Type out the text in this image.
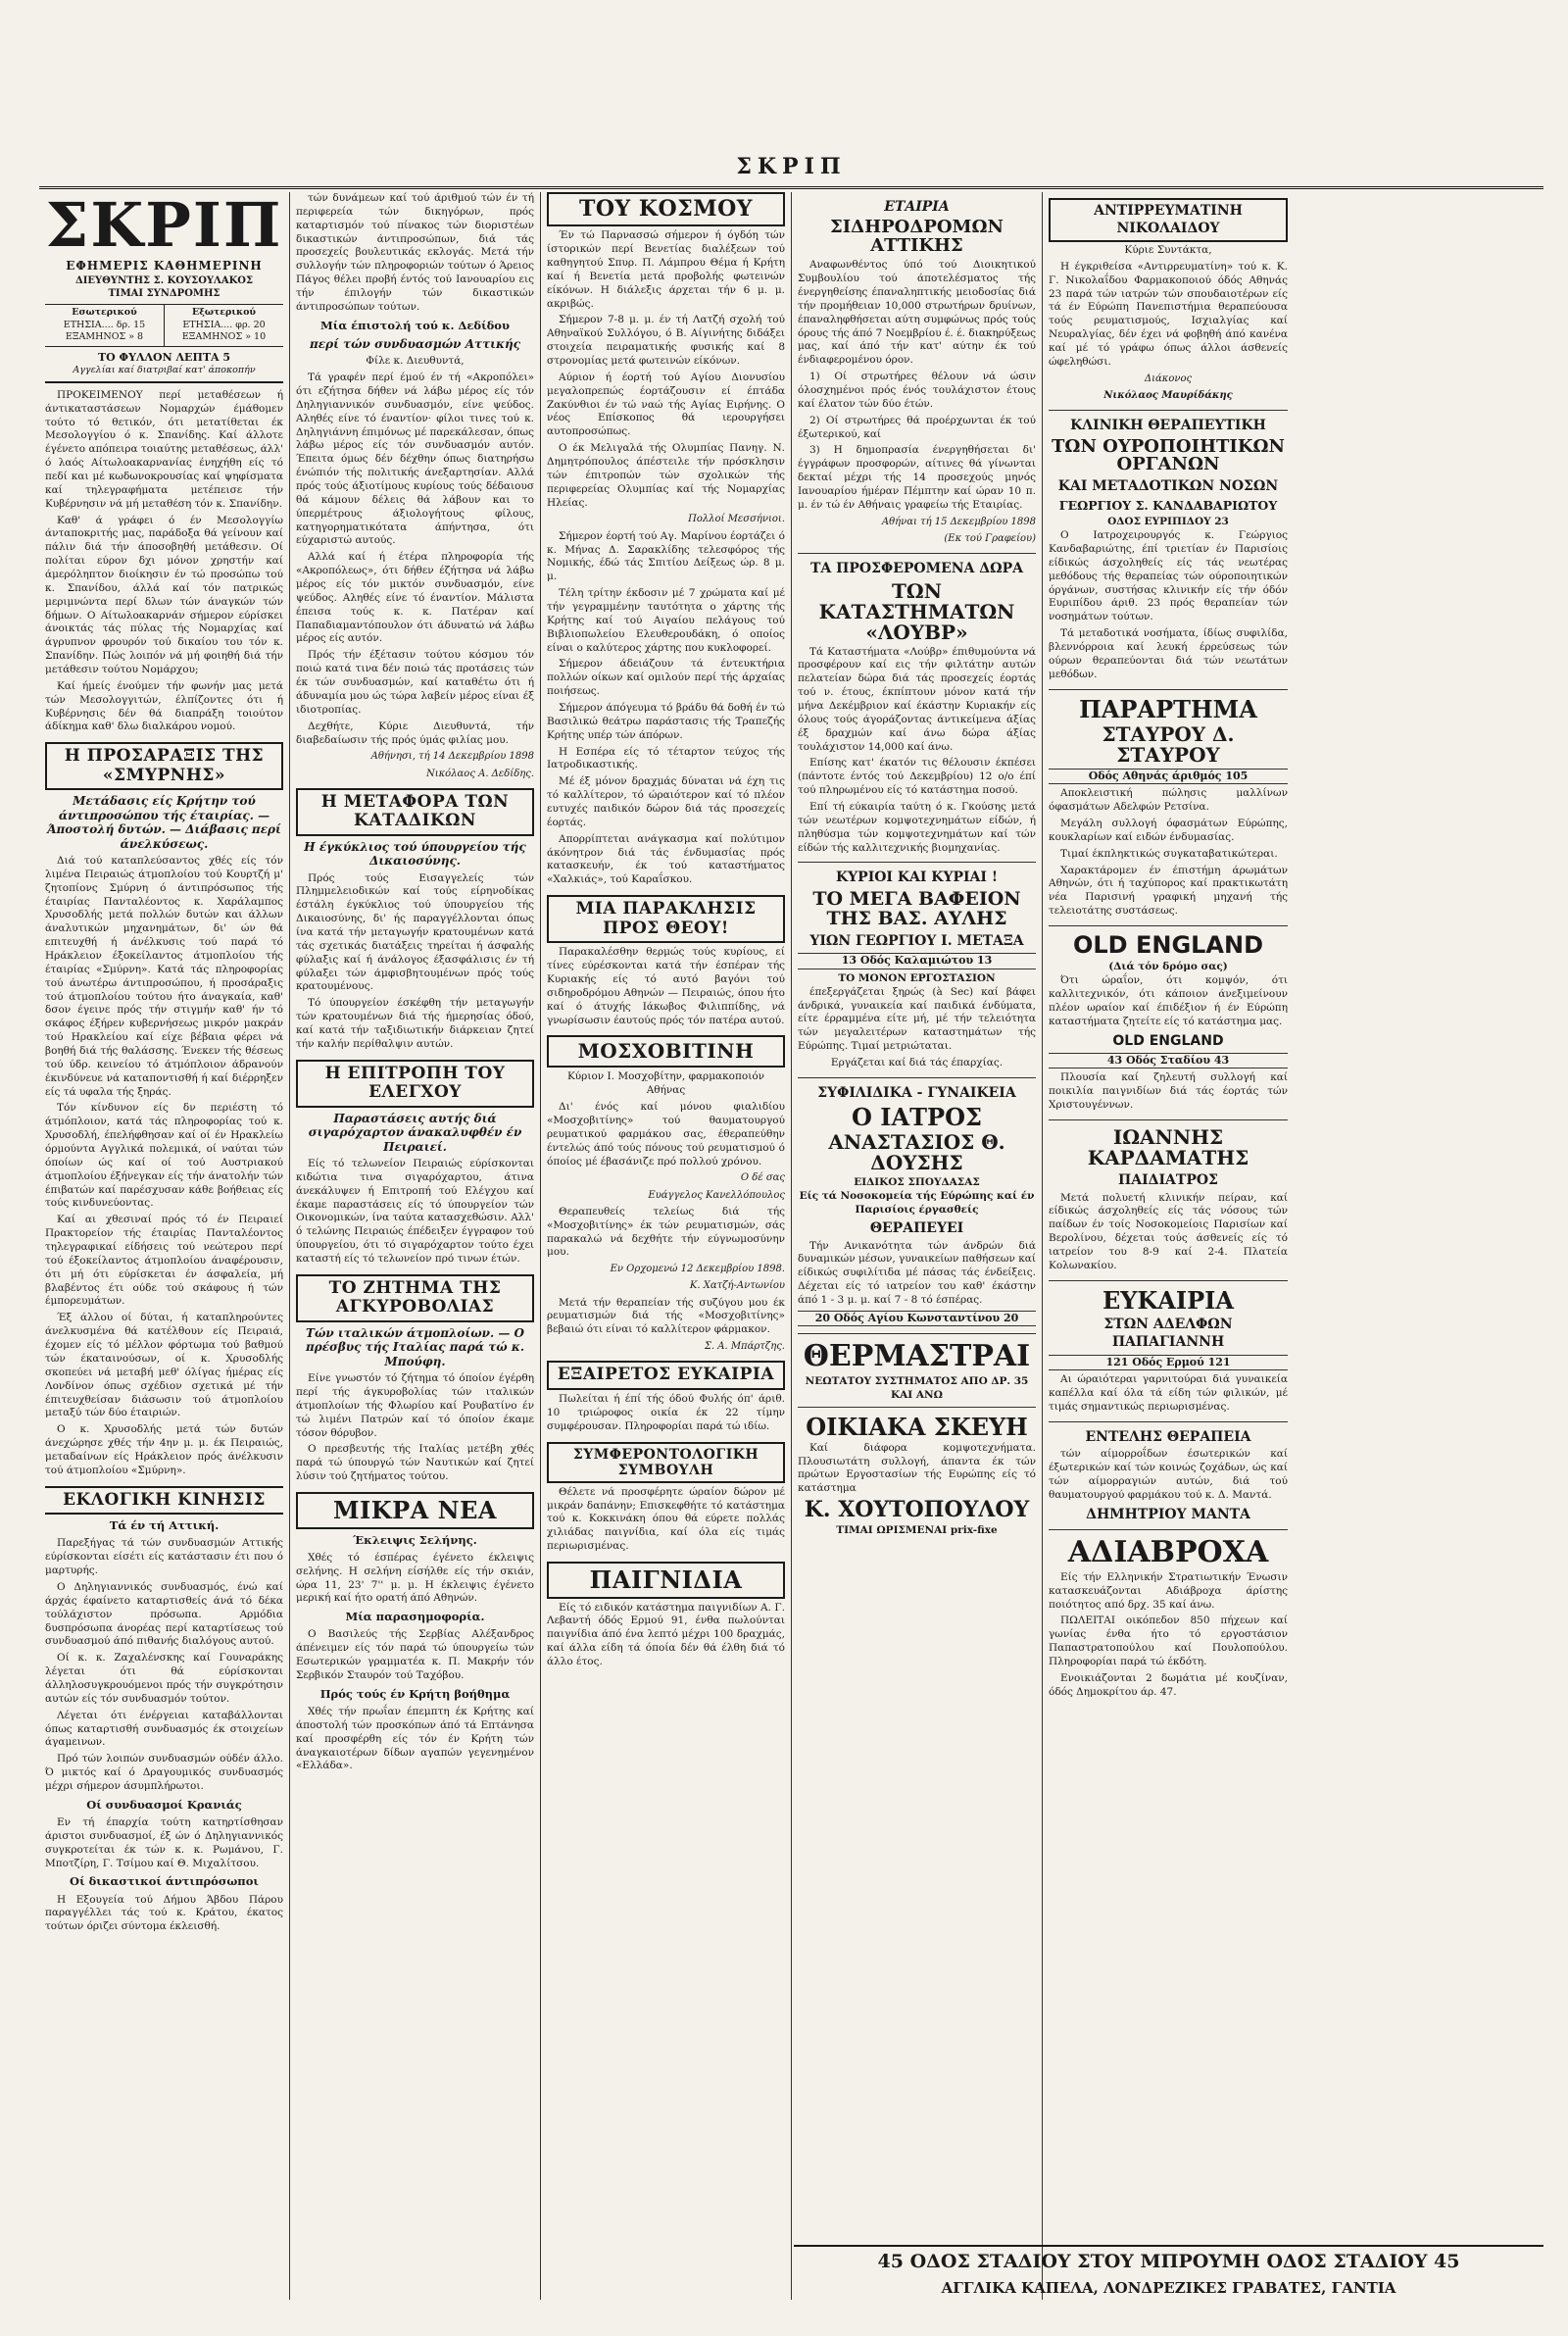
ΣΚΡΙΠ
ΣΚΡΙΠ
ΕΦΗΜΕΡΙΣ ΚΑΘΗΜΕΡΙΝΗ
ΔΙΕΥΘΥΝΤΗΣ Σ. ΚΟΥΣΟΥΛΑΚΟΣ
ΤΙΜΑΙ ΣΥΝΔΡΟΜΗΣ
Εσωτερικού
ΕΤΗΣΙΑ.... δρ. 15
ΕΞΑΜΗΝΟΣ » 8
Εξωτερικού
ΕΤΗΣΙΑ.... φρ. 20
ΕΞΑΜΗΝΟΣ » 10
ΤΟ ΦΥΛΛΟΝ ΛΕΠΤΑ 5
Αγγελίαι καί διατριβαί κατ' άποκοπήν

ΠΡΟΚΕΙΜΕΝΟΥ περί μεταθέσεων ή άντικαταστάσεων Νομαρχών έμάθομεν τούτο τό θετικόν, ότι μετατίθεται έκ Μεσολογγίου ό κ. Σπανίδης. Καί άλλοτε έγένετο απόπειρα τοιαύτης μεταθέσεως, άλλ' ό λαός Αίτωλοακαρνανίας ένηχήθη είς τό πεδί και μέ κωδωνοκρουσίας καί ψηφίσματα καί τηλεγραφήματα μετέπεισε τήν Κυβέρνησιν νά μή μεταθέση τόν κ. Σπανίδην.

Καθ' ά γράφει ό έν Μεσολογγίω άνταποκριτής μας, παράδοξα θά γείνουν καί πάλιν διά τήν άποσοβηθή μετάθεσιν. Οί πολίται εύρον δχι μόνον χρηστήν καί άμερόληπτον διοίκησιν έν τώ προσώπω τού κ. Σπανίδου, άλλά καί τόν πατρικώς μεριμνώντα περί δλων τών άναγκών τών δήμων. Ο Αίτωλοακαρνάν σήμερον εύρίσκει άνοικτάς τάς πύλας τής Νομαρχίας καί άγρυπνον φρουρόν τού δικαίου του τόν κ. Σπανίδην. Πώς λοιπόν νά μή φοιηθή διά τήν μετάθεσιν τούτου Νομάρχου;

Καί ήμείς ένούμεν τήν φωνήν μας μετά τών Μεσολογγιτών, έλπίζοντες ότι ή Κυβέρνησις δέν θά διαπράξη τοιούτον άδίκημα καθ' δλω διαλκάρου νομού.

Η ΠΡΟΣΑΡΑΞΙΣ ΤΗΣ «ΣΜΥΡΝΗΣ»
Μετάδασις είς Κρήτην τού άντιπροσώπου τής έταιρίας. — Άποστολή δυτών. — Διάβασις περί άνελκύσεως.

Διά τού καταπλεύσαντος χθές είς τόν λιμένα Πειραιώς άτμοπλοίου τού Κουρτζή μ' ζητοπίονς Σμύρνη ό άντιπρόσωπος τής έταιρίας Πανταλέοντος κ. Χαράλαμπος Χρυσοδλής μετά πολλών δυτών και άλλων άναλυτικών μηχανημάτων, δι' ών θά επιτευχθή ή άνέλκυσις τού παρά τό Ηράκλειον έξοκείλαντος άτμοπλοίου τής έταιρίας «Σμύρνη». Κατά τάς πληροφορίας τού άνωτέρω άντιπροσώπου, ή προσάραξις τού άτμοπλοίου τούτου ήτο άναγκαία, καθ' δσον έγεινε πρός τήν στιγμήν καθ' ήν τό σκάφος έξήρεν κυβερνήσεως μικρόν μακράν τού Ηρακλείου καί είχε βέβαια φέρει νά βοηθή διά τής θαλάσσης. Ένεκεν τής θέσεως τού ύδρ. κεινείου τό άτμόπλοιον άδρανούν έκινδύνευε νά καταποντισθή ή καί διέρρηξεν είς τά υφαλα τής ξηράς.

Τόν κίνδυνον είς δν περιέστη τό άτμόπλοιον, κατά τάς πληροφορίας τού κ. Χρυσοδλή, έπελήφθησαν καί οί έν Ηρακλείω όρμούντα Αγγλικά πολεμικά, οί ναύται τών όποίων ώς καί οί τού Αυστριακού άτμοπλοίου έξήνεγκαν είς τήν άνατολήν τών έπιβατών καί παρέσχυσαν κάθε βοήθειας είς τούς κινδυνεύοντας.

Καί αι χθεσιναί πρός τό έν Πειραιεί Πρακτορείον τής έταιρίας Πανταλέοντος τηλεγραφικαί είδήσεις τού νεώτερου περί τού έξοκείλαντος άτμοπλοίου άναφέρουσιν, ότι μή ότι εύρίσκεται έν άσφαλεία, μή βλαβέντος έτι ούδε τού σκάφους ή τών έμπορευμάτων.

Έξ άλλου οί δύται, ή καταπληρούντες άνελκυσμένα θά κατέλθουν είς Πειραιά, έχομεν είς τό μέλλον φόρτωμα τού βαθμού τών έκαταινούσων, οί κ. Χρυσοδλής σκοπεύει νά μεταβή μεθ' όλίγας ήμέρας είς Λονδίνον όπως σχέδιον σχετικά μέ τήν έπιτευχθείσαν διάσωσιν τού άτμοπλοίου μεταξύ τών δύο έταιριών.

Ο κ. Χρυσοδλής μετά τών δυτών άνεχώρησε χθές τήν 4ην μ. μ. έκ Πειραιώς, μεταδαίνων είς Ηράκλειον πρός άνέλκυσιν τού άτμοπλοίου «Σμύρνη».

ΕΚΛΟΓΙΚΗ ΚΙΝΗΣΙΣ
Τά έν τή Αττική.

Παρεξήγας τά τών συνδυασμών Αττικής εύρίσκονται είσέτι είς κατάστασιν έτι που ό μαρτυρής.

Ο Δηληγιαννικός συνδυασμός, ένώ καί άρχάς έφαίνετο καταρτισθείς άνά τό δέκα τούλάχιστον πρόσωπα. Αρμόδια δυσπρόσωπα άνορέας περί καταρτίσεως τού συνδυασμού άπό πιθανής διαλόγους αυτού.

Οί κ. κ. Ζαχαλένσκης καί Γουναράκης λέγεται ότι θά εύρίσκονται άλληλοσυγκρουόμενοι πρός τήν συγκρότησιν αυτών είς τόν συνδυασμόν τούτον.

Λέγεται ότι ένέργειαι καταβάλλονται όπως καταρτισθή συνδυασμός έκ στοιχείων άγαμεινων.

Πρό τών λοιπών συνδυασμών ούδέν άλλο. Ό μικτός καί ό Δραγουμικός συνδυασμός μέχρι σήμερον άσυμπλήρωτοι.

Οί συνδυασμοί Κρανιάς

Εν τή έπαρχία τούτη κατηρτίσθησαν άριστοι συνδυασμοί, έξ ών ό Δηληγιαννικός συγκροτείται έκ τών κ. κ. Ρωμάνου, Γ. Μποτζίρη, Γ. Τσίμου καί Θ. Μιχαλίτσου.

Οί δικαστικοί άντιπρόσωποι

Η Εξουγεία τού Δήμου Άβδου Πάρου παραγγέλλει τάς τού κ. Κράτου, έκατος τούτων όριζει σύντομα έκλεισθή.

τών δυνάμεων καί τού άριθμού τών έν τή περιφερεία τών δικηγόρων, πρός καταρτισμόν τού πίνακος τών διοριστέων δικαστικών άντιπροσώπων, διά τάς προσεχείς βουλευτικάς εκλογάς. Μετά τήν συλλογήν τών πληροφοριών τούτων ό Άρειος Πάγος θέλει προβή έντός τού Ιανουαρίου εις τήν έπιλογήν τών δικαστικών άντιπροσώπων τούτων.

Μία έπιστολή τού κ. Δεδίδου
περί τών συνδυασμών Αττικής

Φίλε κ. Διευθυντά,

Τά γραφέν περί έμού έν τή «Ακροπόλει» ότι εζήτησα δήθεν νά λάβω μέρος είς τόν Δηληγιαννικόν συνδυασμόν, είνε ψεύδος. Αληθές είνε τό έναντίον· φίλοι τινες τού κ. Δηληγιάννη έπιμόνως μέ παρεκάλεσαν, όπως λάβω μέρος είς τόν συνδυασμόν αυτόν. Έπειτα όμως δέν δέχθην όπως διατηρήσω ένώπιόν τής πολιτικής άνεξαρτησίαν. Αλλά πρός τούς άξιοτίμους κυρίους τούς δέδαιουσ θά κάμουν δέλεις θά λάβουν και το ύπερμέτρους άξιολογήτους φίλους, κατηγορηματικότατα άπήντησα, ότι εύχαριστώ αυτούς.

Αλλά καί ή έτέρα πληροφορία τής «Ακροπόλεως», ότι δήθεν έζήτησα νά λάβω μέρος είς τόν μικτόν συνδυασμόν, είνε ψεύδος. Αληθές είνε τό έναντίον. Μάλιστα έπεισα τούς κ. κ. Πατέραν καί Παπαδιαμαντόπουλον ότι άδυνατώ νά λάβω μέρος είς αυτόν.

Πρός τήν έξέτασιν τούτου κόσμου τόν ποιώ κατά τινα δέν ποιώ τάς προτάσεις τών έκ τών συνδυασμών, καί καταθέτω ότι ή άδυναμία μου ώς τώρα λαβείν μέρος είναι έξ ιδιοτροπίας.

Δεχθήτε, Κύριε Διευθυντά, τήν διαβεδαίωσιν τής πρός ύμάς φιλίας μου.

Αθήνησι, τή 14 Δεκεμβρίου 1898
Νικόλαος Α. Δεδίδης.
Η ΜΕΤΑΦΟΡΑ ΤΩΝ ΚΑΤΑΔΙΚΩΝ
Η έγκύκλιος τού ύπουργείου τής Δικαιοσύνης.

Πρός τούς Εισαγγελείς τών Πλημμελειοδικών καί τούς είρηνοδίκας έστάλη έγκύκλιος τού ύπουργείου τής Δικαιοσύνης, δι' ής παραγγέλλονται όπως ίνα κατά τήν μεταγωγήν κρατουμένων κατά τάς σχετικάς διατάξεις τηρείται ή άσφαλής φύλαξις καί ή άνάλογος έξασφάλισις έν τή φύλαξει τών άμφισβητουμένων πρός τούς κρατουμένους.

Τό ύπουργείον έσκέφθη τήν μεταγωγήν τών κρατουμένων διά τής ήμερησίας όδού, καί κατά τήν ταξιδιωτικήν διάρκειαν ζητεί τήν καλήν περίθαλψιν αυτών.

Η ΕΠΙΤΡΟΠΗ ΤΟΥ ΕΛΕΓΧΟΥ
Παραστάσεις αυτής διά σιγαρόχαρτον άνακαλυφθέν έν Πειραιεί.

Είς τό τελωνείον Πειραιώς εύρίσκονται κιδώτια τινα σιγαρόχαρτου, άτινα άνεκάλυψεν ή Επιτροπή τού Ελέγχου καί έκαμε παραστάσεις είς τό ύπουργείον τών Οικονομικών, ίνα ταύτα κατασχεθώσιν. Αλλ' ό τελώνης Πειραιώς έπέδειξεν έγγραφον τού ύπουργείου, ότι τό σιγαρόχαρτον τούτο έχει καταστή είς τό τελωνείον πρό τινων έτών.

ΤΟ ΖΗΤΗΜΑ ΤΗΣ ΑΓΚΥΡΟΒΟΛΙΑΣ
Τών ιταλικών άτμοπλοίων. — Ο πρέσβυς τής Ιταλίας παρά τώ κ. Μπούφη.

Είνε γνωστόν τό ζήτημα τό όποίον έγέρθη περί τής άγκυροβολίας τών ιταλικών άτμοπλοίων τής Φλωρίου καί Ρουβατίνο έν τώ λιμένι Πατρών καί τό όποίον έκαμε τόσον θόρυβον.

Ο πρεσβευτής τής Ιταλίας μετέβη χθές παρά τώ ύπουργώ τών Ναυτικών καί ζητεί λύσιν τού ζητήματος τούτου.

ΜΙΚΡΑ ΝΕΑ
Έκλειψις Σελήνης.

Χθές τό έσπέρας έγένετο έκλειψις σελήνης. Η σελήνη είσήλθε είς τήν σκιάν, ώρα 11, 23' 7'' μ. μ. Η έκλειψις έγένετο μερική καί ήτο ορατή άπό Αθηνών.

Μία παρασημοφορία.

Ο Βασιλεύς τής Σερβίας Αλέξανδρος άπένειμεν είς τόν παρά τώ ύπουργείω τών Εσωτερικών γραμματέα κ. Π. Μακρήν τόν Σερβικόν Σταυρόν τού Ταχόβου.

Πρός τούς έν Κρήτη βοήθημα

Χθές τήν πρωΐαν έπεμπτη έκ Κρήτης καί άποστολή τών προσκόπων άπό τά Επτάνησα καί προσφέρθη είς τόν έν Κρήτη τών άναγκαιοτέρων δίδων αγαπών γεγενημένον «Ελλάδα».

ΤΟΥ ΚΟΣΜΟΥ

Έν τώ Παρνασσώ σήμερον ή όγδόη τών ίστορικών περί Βενετίας διαλέξεων τού καθηγητού Σπυρ. Π. Λάμπρου Θέμα ή Κρήτη καί ή Βενετία μετά προβολής φωτεινών είκόνων. Η διάλεξις άρχεται τήν 6 μ. μ. ακριβώς.

Σήμερον 7-8 μ. μ. έν τή Λατζή σχολή τού Αθηναϊκού Συλλόγου, ό Β. Αίγινήτης διδάξει στοιχεία πειραματικής φυσικής καί 8 στρονομίας μετά φωτεινών είκόνων.

Αύριον ή έορτή τού Αγίου Διονυσίου μεγαλοπρεπώς έορτάζουσιν εί έπτάδα Ζακύνθιοι έν τώ ναώ τής Αγίας Ειρήνης. Ο νέος Επίσκοπος θά ιερουργήσει αυτοπροσώπως.

Ο έκ Μελιγαλά τής Ολυμπίας Πανηγ. Ν. Δημητρόπουλος άπέστειλε τήν πρόσκλησιν τών έπιτροπών τών σχολικών τής περιφερείας Ολυμπίας καί τής Νομαρχίας Ηλείας.

Πολλοί Μεσσήνιοι.

Σήμερον έορτή τού Αγ. Μαρίνου έορτάζει ό κ. Μήνας Δ. Σαρακλίδης τελεσφόρος τής Νομικής, έδώ τάς Σπιτίου Δείξεως ώρ. 8 μ. μ.

Τέλη τρίτην έκδοσιν μέ 7 χρώματα καί μέ τήν γεγραμμένην ταυτότητα ο χάρτης τής Κρήτης καί τού Αιγαίου πελάγους τού Βιβλιοπωλείου Ελευθερουδάκη, ό οποίος είναι ο καλύτερος χάρτης που κυκλοφορεί.

Σήμερον άδειάζουν τά έντευκτήρια πολλών οίκων καί ομιλούν περί τής άρχαίας ποιήσεως.

Σήμερον άπόγευμα τό βράδυ θά δοθή έν τώ Βασιλικώ θεάτρω παράστασις τής Τραπεζής Κρήτης υπέρ τών άπόρων.

Η Εσπέρα είς τό τέταρτον τεύχος τής Ιατροδικαστικής.

Μέ έξ μόνον δραχμάς δύναται νά έχη τις τό καλλίτερον, τό ώραιότερον καί τό πλέον ευτυχές παιδικόν δώρον διά τάς προσεχείς έορτάς.

Απορρίπτεται ανάγκασμα καί πολύτιμον άκόνητρον διά τάς ένδυμασίας πρός κατασκευήν, έκ τού καταστήματος «Χαλκιάς», τού Καραΐσκου.

ΜΙΑ ΠΑΡΑΚΛΗΣΙΣ ΠΡΟΣ ΘΕΟΥ!

Παρακαλέσθην θερμώς τούς κυρίους, εί τίνες εύρέσκονται κατά τήν έσπέραν τής Κυριακής είς τό αυτό βαγόνι τού σιδηροδρόμου Αθηνών — Πειραιώς, όπου ήτο καί ό άτυχής Ιάκωβος Φιλιππίδης, νά γνωρίσωσιν έαυτούς πρός τόν πατέρα αυτού.

ΜΟΣΧΟΒΙΤΙΝΗ

Κύριον Ι. Μοσχοβίτην, φαρμακοποιόν Αθήνας

Δι' ένός καί μόνου φιαλιδίου «Μοσχοβιτίνης» τού θαυματουργού ρευματικού φαρμάκου σας, έθεραπεύθην έντελώς άπό τούς πόνους τού ρευματισμού ό όποίος μέ έβασάνιζε πρό πολλού χρόνου.

Ο δέ σας
Ευάγγελος Κανελλόπουλος

Θεραπευθείς τελείως διά τής «Μοσχοβιτίνης» έκ τών ρευματισμών, σάς παρακαλώ νά δεχθήτε τήν εύγνωμοσύνην μου.

Εν Ορχομενώ 12 Δεκεμβρίου 1898.
Κ. Χατζή-Αντωνίου

Μετά τήν θεραπείαν τής συζύγου μου έκ ρευματισμών διά τής «Μοσχοβιτίνης» βεβαιώ ότι είναι τό καλλίτερον φάρμακον.

Σ. Α. Μπάρτζης.
ΕΞΑΙΡΕΤΟΣ ΕΥΚΑΙΡΙΑ

Πωλείται ή έπί τής όδού Φυλής όπ' άριθ. 10 τριώροφος οικία έκ 22 τίμην συμφέρουσαν. Πληροφορίαι παρά τώ ιδίω.

ΣΥΜΦΕΡΟΝΤΟΛΟΓΙΚΗ ΣΥΜΒΟΥΛΗ

Θέλετε νά προσφέρητε ώραίον δώρον μέ μικράν δαπάνην; Επισκεφθήτε τό κατάστημα τού κ. Κοκκινάκη όπου θά εύρετε πολλάς χιλιάδας παιγνίδια, καί όλα είς τιμάς περιωρισμένας.

ΠΑΙΓΝΙΔΙΑ

Είς τό ειδικόν κατάστημα παιγνιδίων Α. Γ. Λεβαντή όδός Ερμού 91, ένθα πωλούνται παιγνίδια άπό ένα λεπτό μέχρι 100 δραχμάς, καί άλλα είδη τά όποία δέν θά έλθη διά τό άλλο έτος.

ΕΤΑΙΡΙΑ
ΣΙΔΗΡΟΔΡΟΜΩΝ ΑΤΤΙΚΗΣ

Αναφωνθέντος ύπό τού Διοικητικού Συμβουλίου τού άποτελέσματος τής ένεργηθείσης έπαναληπτικής μειοδοσίας διά τήν προμήθειαν 10,000 στρωτήρων δρυίνων, έπαναληφθήσεται αύτη συμφώνως πρός τούς όρους τής άπό 7 Νοεμβρίου έ. έ. διακηρύξεως μας, καί άπό τήν κατ' αύτην έκ τού ένδιαφερομένου όρον.

1) Οί στρωτήρες θέλουν νά ώσιν όλοσχημένοι πρός ένός τουλάχιστον έτους καί έλατον τών δύο έτών.

2) Οί στρωτήρες θά προέρχωνται έκ τού έξωτερικού, καί

3) Η δημοπρασία ένεργηθήσεται δι' έγγράφων προσφορών, αίτινες θά γίνωνται δεκταί μέχρι τής 14 προσεχούς μηνός Ιανουαρίου ήμέραν Πέμπτην καί ώραν 10 π. μ. έν τώ έν Αθήναις γραφείω τής Εταιρίας.

Αθήναι τή 15 Δεκεμβρίου 1898
(Εκ τού Γραφείου)
ΤΑ ΠΡΟΣΦΕΡΟΜΕΝΑ ΔΩΡΑ
ΤΩΝ ΚΑΤΑΣΤΗΜΑΤΩΝ «ΛΟΥΒΡ»

Τά Καταστήματα «Λούβρ» έπιθυμούντα νά προσφέρουν καί εις τήν φιλτάτην αυτών πελατείαν δώρα διά τάς προσεχείς έορτάς τού ν. έτους, έκπίπτουν μόνον κατά τήν μήνα Δεκέμβριον καί έκάστην Κυριακήν είς όλους τούς άγοράζοντας άντικείμενα άξίας έξ δραχμών καί άνω δώρα άξίας τουλάχιστον 14,000 καί άνω.

Επίσης κατ' έκατόν τις θέλουσιν έκπέσει (πάντοτε έντός τού Δεκεμβρίου) 12 ο/ο έπί τού πληρωμένου είς τό κατάστημα ποσού.

Επί τή εύκαιρία ταύτη ό κ. Γκούσης μετά τών νεωτέρων κομψοτεχνημάτων είδών, ή πληθύσμα τών κομψοτεχνημάτων καί τών είδών τής καλλιτεχνικής βιομηχανίας.

ΚΥΡΙΟΙ ΚΑΙ ΚΥΡΙΑΙ !
ΤΟ ΜΕΓΑ ΒΑΦΕΙΟΝ ΤΗΣ ΒΑΣ. ΑΥΛΗΣ
ΥΙΩΝ ΓΕΩΡΓΙΟΥ Ι. ΜΕΤΑΞΑ
13 Οδός Καλαμιώτου 13
ΤΟ ΜΟΝΟΝ ΕΡΓΟΣΤΑΣΙΟΝ

έπεξεργάζεται ξηρώς (à Sec) καί βάφει άνδρικά, γυναικεία καί παιδικά ένδύματα, είτε έρραμμένα είτε μή, μέ τήν τελειότητα τών μεγαλειτέρων καταστημάτων τής Εύρώπης. Τιμαί μετριώταται.

Εργάζεται καί διά τάς έπαρχίας.

ΣΥΦΙΛΙΔΙΚΑ - ΓΥΝΑΙΚΕΙΑ
Ο ΙΑΤΡΟΣ
ΑΝΑΣΤΑΣΙΟΣ Θ. ΔΟΥΣΗΣ
ΕΙΔΙΚΟΣ ΣΠΟΥΔΑΣΑΣ
Είς τά Νοσοκομεία τής Εύρώπης καί έν Παρισίοις έργασθείς
ΘΕΡΑΠΕΥΕΙ

Τήν Ανικανότητα τών άνδρών διά δυναμικών μέσων, γυναικείων παθήσεων καί είδικώς συφιλίτιδα μέ πάσας τάς ένδείξεις. Δέχεται είς τό ιατρείον του καθ' έκάστην άπό 1 - 3 μ. μ. καί 7 - 8 τό έσπέρας.

20 Οδός Αγίου Κωνσταντίνου 20
ΘΕΡΜΑΣΤΡΑΙ
ΝΕΩΤΑΤΟΥ ΣΥΣΤΗΜΑΤΟΣ ΑΠΟ ΔΡ. 35 ΚΑΙ ΑΝΩ
ΟΙΚΙΑΚΑ ΣΚΕΥΗ

Καί διάφορα κομψοτεχνήματα. Πλουσιωτάτη συλλογή, άπαντα έκ τών πρώτων Εργοστασίων τής Ευρώπης είς τό κατάστημα

Κ. ΧΟΥΤΟΠΟΥΛΟΥ
ΤΙΜΑΙ ΩΡΙΣΜΕΝΑΙ prix-fixe
ΑΝΤΙΡΡΕΥΜΑΤΙΝΗ ΝΙΚΟΛΑΙΔΟΥ

Κύριε Συντάκτα,

Η έγκριθείσα «Αντιρρευματίνη» τού κ. Κ. Γ. Νικολαΐδου Φαρμακοποιού όδός Αθηνάς 23 παρά τών ιατρών τών σπουδαιοτέρων είς τά έν Εύρώπη Πανεπιστήμια θεραπεύουσα τούς ρευματισμούς, Ισχιαλγίας καί Νευραλγίας, δέν έχει νά φοβηθή άπό κανένα καί μέ τό γράφω όπως άλλοι άσθενείς ώφεληθώσι.

Διάκονος
Νικόλαος Μαυρίδάκης
ΚΛΙΝΙΚΗ ΘΕΡΑΠΕΥΤΙΚΗ
ΤΩΝ ΟΥΡΟΠΟΙΗΤΙΚΩΝ ΟΡΓΑΝΩΝ
ΚΑΙ ΜΕΤΑΔΟΤΙΚΩΝ ΝΟΣΩΝ
ΓΕΩΡΓΙΟΥ Σ. ΚΑΝΔΑΒΑΡΙΩΤΟΥ
ΟΔΟΣ ΕΥΡΙΠΙΔΟΥ 23

Ο Ιατροχειρουργός κ. Γεώργιος Κανδαβαριώτης, έπί τριετίαν έν Παρισίοις είδικώς άσχοληθείς είς τάς νεωτέρας μεθόδους τής θεραπείας τών ούροποιητικών όργάνων, συστήσας κλινικήν είς τήν όδόν Ευριπίδου άριθ. 23 πρός θεραπείαν τών νοσημάτων τούτων.

Τά μεταδοτικά νοσήματα, ίδίως συφιλίδα, βλεννόρροια καί λευκή έρρεύσεως τών ούρων θεραπεύονται διά τών νεωτάτων μεθόδων.

ΠΑΡΑΡΤΗΜΑ
ΣΤΑΥΡΟΥ Δ. ΣΤΑΥΡΟΥ
Οδός Αθηνάς άριθμός 105

Αποκλειστική πώλησις μαλλίνων όφασμάτων Αδελφών Ρετσίνα.

Μεγάλη συλλογή όφασμάτων Εύρώπης, κουκλαρίων καί ειδών ένδυμασίας.

Τιμαί έκπληκτικώς συγκαταβατικώτεραι.

Χαρακτάρομεν έν έπιστήμη άρωμάτων Αθηνών, ότι ή ταχύπορος καί πρακτικωτάτη νέα Παρισινή γραφική μηχανή τής τελειοτάτης συστάσεως.

OLD ENGLAND
(Διά τόν δρόμο σας)

Ότι ώραΐον, ότι κομψόν, ότι καλλιτεχνικόν, ότι κάποιον άνεξιμείνουν πλέον ωραίον καί έπιδέξιον ή έν Εύρώπη καταστήματα ζητείτε είς τό κατάστημα μας.

OLD ENGLAND
43 Οδός Σταδίου 43

Πλουσία καί ζηλευτή συλλογή καί ποικιλία παιγνιδίων διά τάς έορτάς τών Χριστουγέννων.

ΙΩΑΝΝΗΣ ΚΑΡΔΑΜΑΤΗΣ
ΠΑΙΔΙΑΤΡΟΣ

Μετά πολυετή κλινικήν πείραν, καί είδικώς άσχοληθείς είς τάς νόσους τών παίδων έν τοίς Νοσοκομείοις Παρισίων καί Βερολίνου, δέχεται τούς άσθενείς είς τό ιατρείον του 8-9 καί 2-4. Πλατεία Κολωνακίου.

ΕΥΚΑΙΡΙΑ
ΣΤΩΝ ΑΔΕΛΦΩΝ ΠΑΠΑΓΙΑΝΝΗ
121 Οδός Ερμού 121

Αι ώραιότεραι γαρνιτούραι διά γυναικεία καπέλλα καί όλα τά είδη τών φιλικών, μέ τιμάς σημαντικώς περιωρισμένας.

ΕΝΤΕΛΗΣ ΘΕΡΑΠΕΙΑ

τών αίμορροΐδων έσωτερικών καί έξωτερικών καί τών κοινώς ζοχάδων, ώς καί τών αίμορραγιών αυτών, διά τού θαυματουργού φαρμάκου τού κ. Δ. Μαντά.

ΔΗΜΗΤΡΙΟΥ ΜΑΝΤΑ
ΑΔΙΑΒΡΟΧΑ

Είς τήν Ελληνικήν Στρατιωτικήν Ένωσιν κατασκευάζονται Αδιάβροχα άρίστης ποιότητος από δρχ. 35 καί άνω.

ΠΩΛΕΙΤΑΙ οικόπεδον 850 πήχεων καί γωνίας ένθα ήτο τό εργοστάσιον Παπαστρατοπούλου καί Πουλοπούλου. Πληροφορίαι παρά τώ έκδότη.

Ενοικιάζονται 2 δωμάτια μέ κουζίναν, όδός Δημοκρίτου άρ. 47.

45 ΟΔΟΣ ΣΤΑΔΙΟΥ ΣΤΟΥ ΜΠΡΟΥΜΗ ΟΔΟΣ ΣΤΑΔΙΟΥ 45
ΑΓΓΛΙΚΑ ΚΑΠΕΛΑ, ΛΟΝΔΡΕΖΙΚΕΣ ΓΡΑΒΑΤΕΣ, ΓΑΝΤΙΑ
